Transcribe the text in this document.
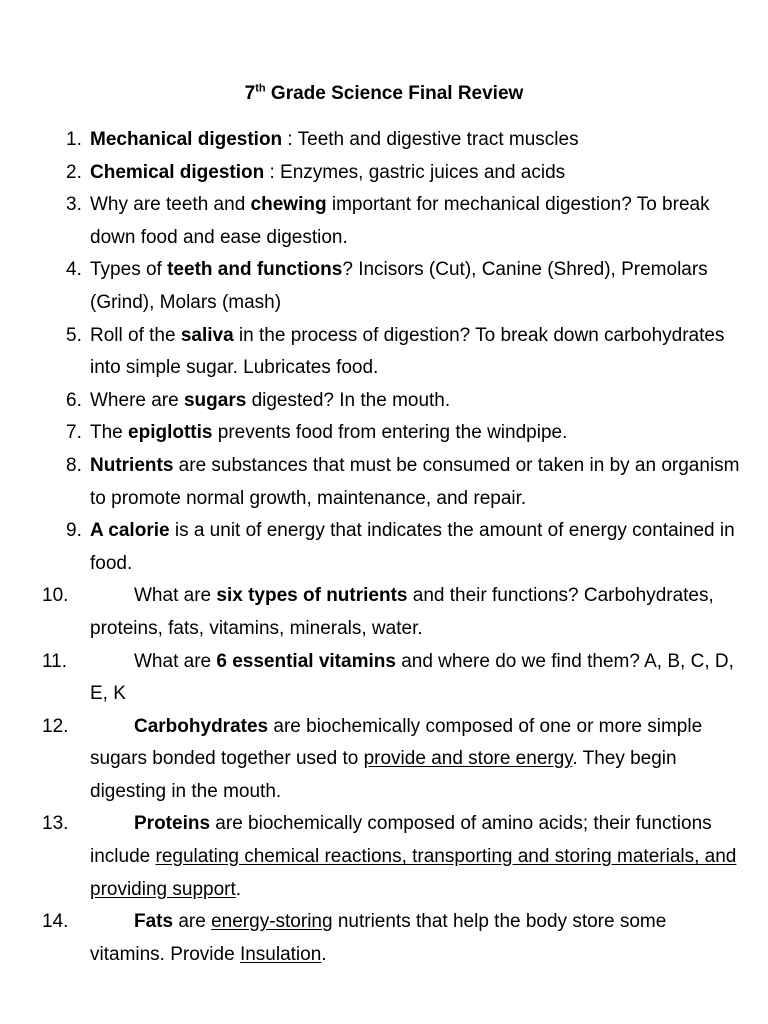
7th Grade Science Final Review
1. Mechanical digestion : Teeth and digestive tract muscles
2. Chemical digestion : Enzymes, gastric juices and acids
3. Why are teeth and chewing important for mechanical digestion? To break down food and ease digestion.
4. Types of teeth and functions? Incisors (Cut), Canine (Shred), Premolars (Grind), Molars (mash)
5. Roll of the saliva in the process of digestion? To break down carbohydrates into simple sugar. Lubricates food.
6. Where are sugars digested? In the mouth.
7. The epiglottis prevents food from entering the windpipe.
8. Nutrients are substances that must be consumed or taken in by an organism to promote normal growth, maintenance, and repair.
9. A calorie is a unit of energy that indicates the amount of energy contained in food.
10.	What are six types of nutrients and their functions? Carbohydrates, proteins, fats, vitamins, minerals, water.
11.	What are 6 essential vitamins and where do we find them? A, B, C, D, E, K
12.	Carbohydrates are biochemically composed of one or more simple sugars bonded together used to provide and store energy. They begin digesting in the mouth.
13.	Proteins are biochemically composed of amino acids; their functions include regulating chemical reactions, transporting and storing materials, and providing support.
14.	Fats are energy-storing nutrients that help the body store some vitamins. Provide Insulation.
